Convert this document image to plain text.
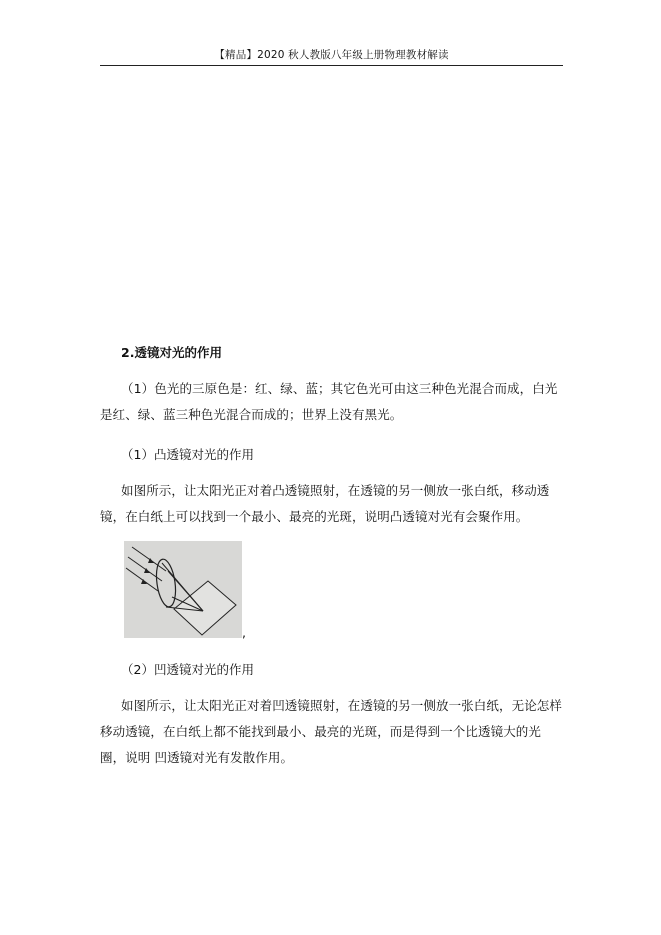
【精品】2020 秋人教版八年级上册物理教材解读
2.透镜对光的作用

（1）色光的三原色是：红、绿、蓝；其它色光可由这三种色光混合而成，白光是红、绿、蓝三种色光混合而成的；世界上没有黑光。

（1）凸透镜对光的作用

如图所示，让太阳光正对着凸透镜照射，在透镜的另一侧放一张白纸，移动透镜，在白纸上可以找到一个最小、最亮的光斑，说明凸透镜对光有会聚作用。

,
（2）凹透镜对光的作用

如图所示，让太阳光正对着凹透镜照射，在透镜的另一侧放一张白纸，无论怎样移动透镜，在白纸上都不能找到最小、最亮的光斑，而是得到一个比透镜大的光圈，说明 凹透镜对光有发散作用。
